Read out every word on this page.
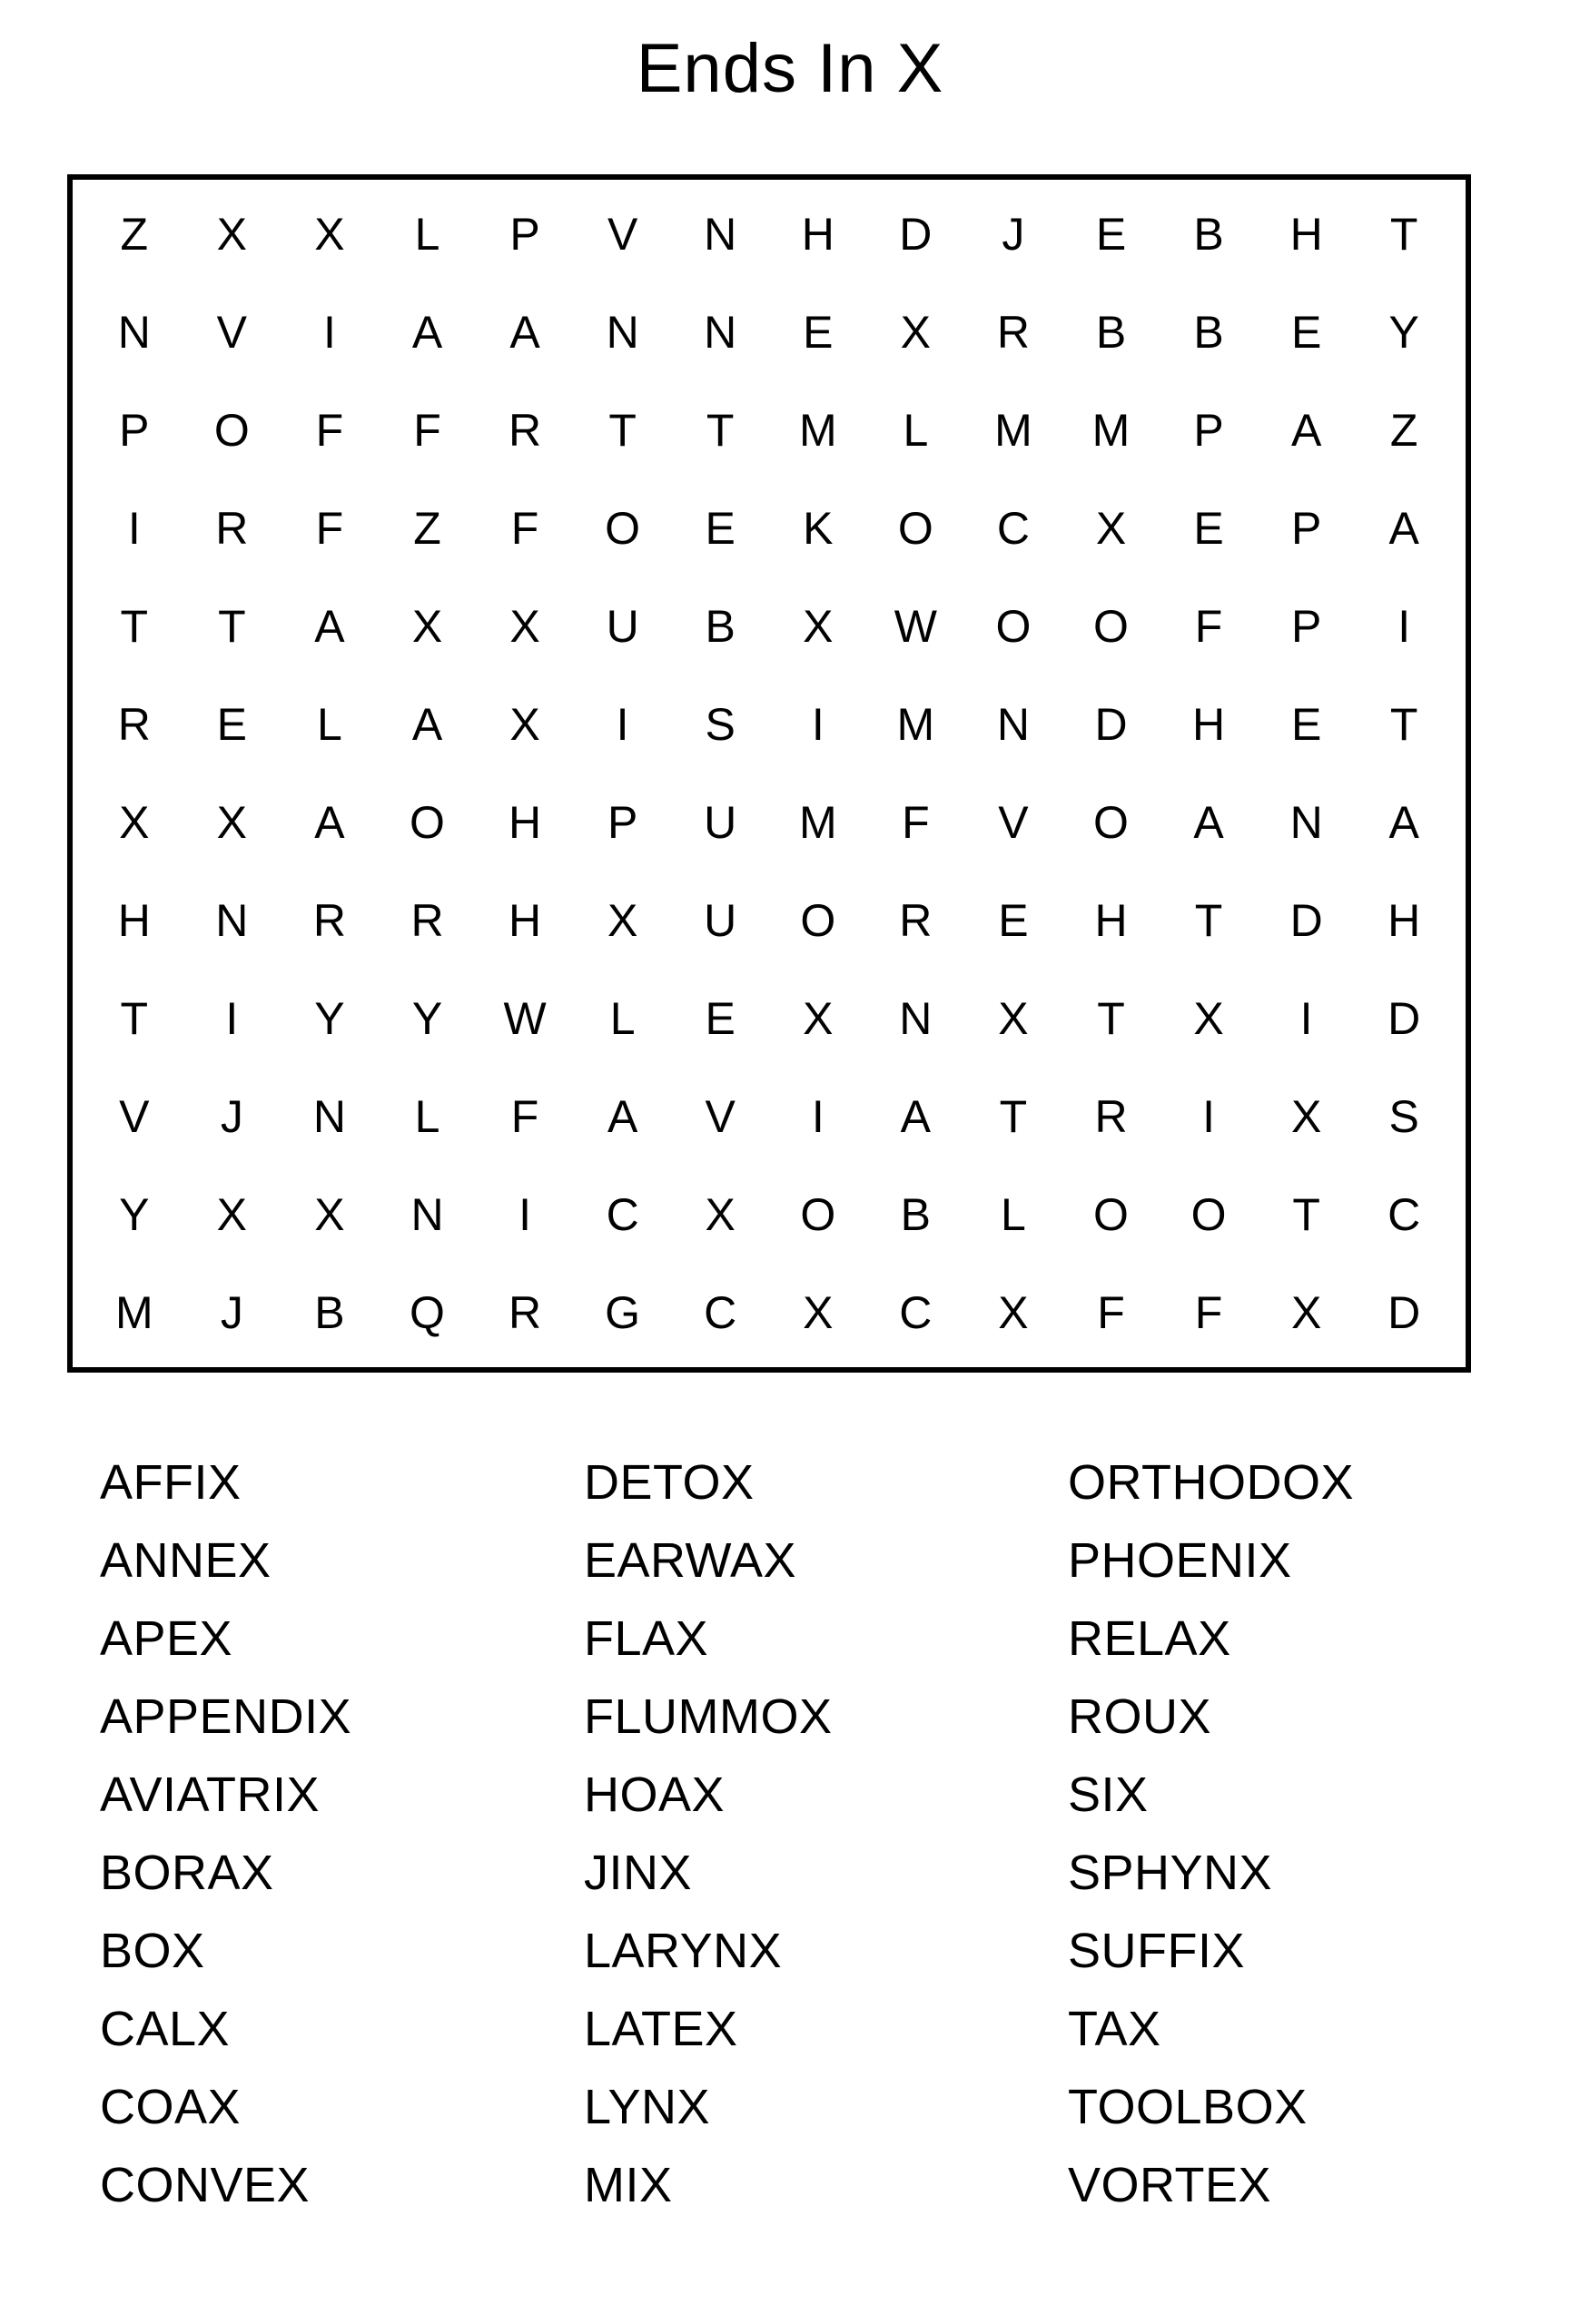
Ends In X
Z	X	X	L	P	V	N	H	D	J	E	B	H	T
N	V	I	A	A	N	N	E	X	R	B	B	E	Y
P	O	F	F	R	T	T	M	L	M	M	P	A	Z
I	R	F	Z	F	O	E	K	O	C	X	E	P	A
T	T	A	X	X	U	B	X	W	O	O	F	P	I
R	E	L	A	X	I	S	I	M	N	D	H	E	T
X	X	A	O	H	P	U	M	F	V	O	A	N	A
H	N	R	R	H	X	U	O	R	E	H	T	D	H
T	I	Y	Y	W	L	E	X	N	X	T	X	I	D
V	J	N	L	F	A	V	I	A	T	R	I	X	S
Y	X	X	N	I	C	X	O	B	L	O	O	T	C
M	J	B	Q	R	G	C	X	C	X	F	F	X	D
AFFIX
ANNEX
APEX
APPENDIX
AVIATRIX
BORAX
BOX
CALX
COAX
CONVEX
DETOX
EARWAX
FLAX
FLUMMOX
HOAX
JINX
LARYNX
LATEX
LYNX
MIX
ORTHODOX
PHOENIX
RELAX
ROUX
SIX
SPHYNX
SUFFIX
TAX
TOOLBOX
VORTEX
